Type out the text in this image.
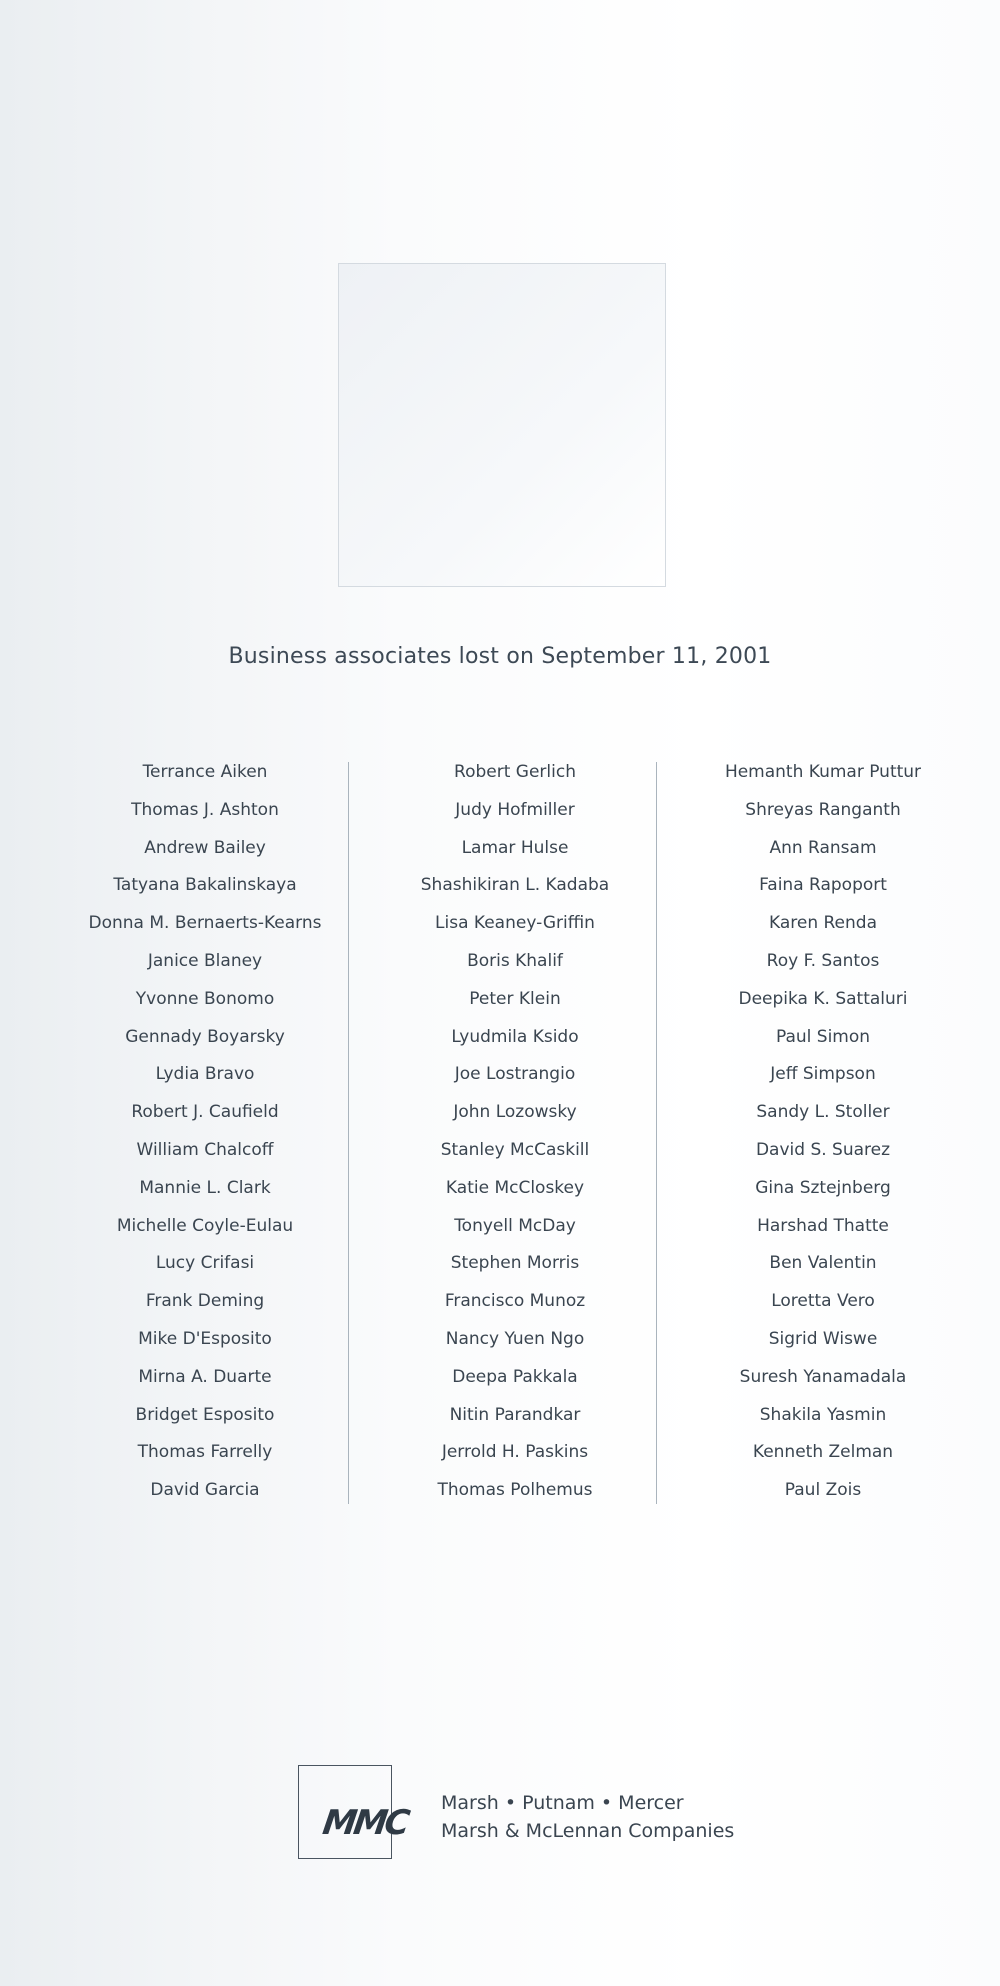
Business associates lost on September 11, 2001
Terrance Aiken
Thomas J. Ashton
Andrew Bailey
Tatyana Bakalinskaya
Donna M. Bernaerts-Kearns
Janice Blaney
Yvonne Bonomo
Gennady Boyarsky
Lydia Bravo
Robert J. Caufield
William Chalcoff
Mannie L. Clark
Michelle Coyle-Eulau
Lucy Crifasi
Frank Deming
Mike D'Esposito
Mirna A. Duarte
Bridget Esposito
Thomas Farrelly
David Garcia
Robert Gerlich
Judy Hofmiller
Lamar Hulse
Shashikiran L. Kadaba
Lisa Keaney-Griffin
Boris Khalif
Peter Klein
Lyudmila Ksido
Joe Lostrangio
John Lozowsky
Stanley McCaskill
Katie McCloskey
Tonyell McDay
Stephen Morris
Francisco Munoz
Nancy Yuen Ngo
Deepa Pakkala
Nitin Parandkar
Jerrold H. Paskins
Thomas Polhemus
Hemanth Kumar Puttur
Shreyas Ranganth
Ann Ransam
Faina Rapoport
Karen Renda
Roy F. Santos
Deepika K. Sattaluri
Paul Simon
Jeff Simpson
Sandy L. Stoller
David S. Suarez
Gina Sztejnberg
Harshad Thatte
Ben Valentin
Loretta Vero
Sigrid Wiswe
Suresh Yanamadala
Shakila Yasmin
Kenneth Zelman
Paul Zois
MMC Marsh • Putnam • Mercer
Marsh & McLennan Companies
